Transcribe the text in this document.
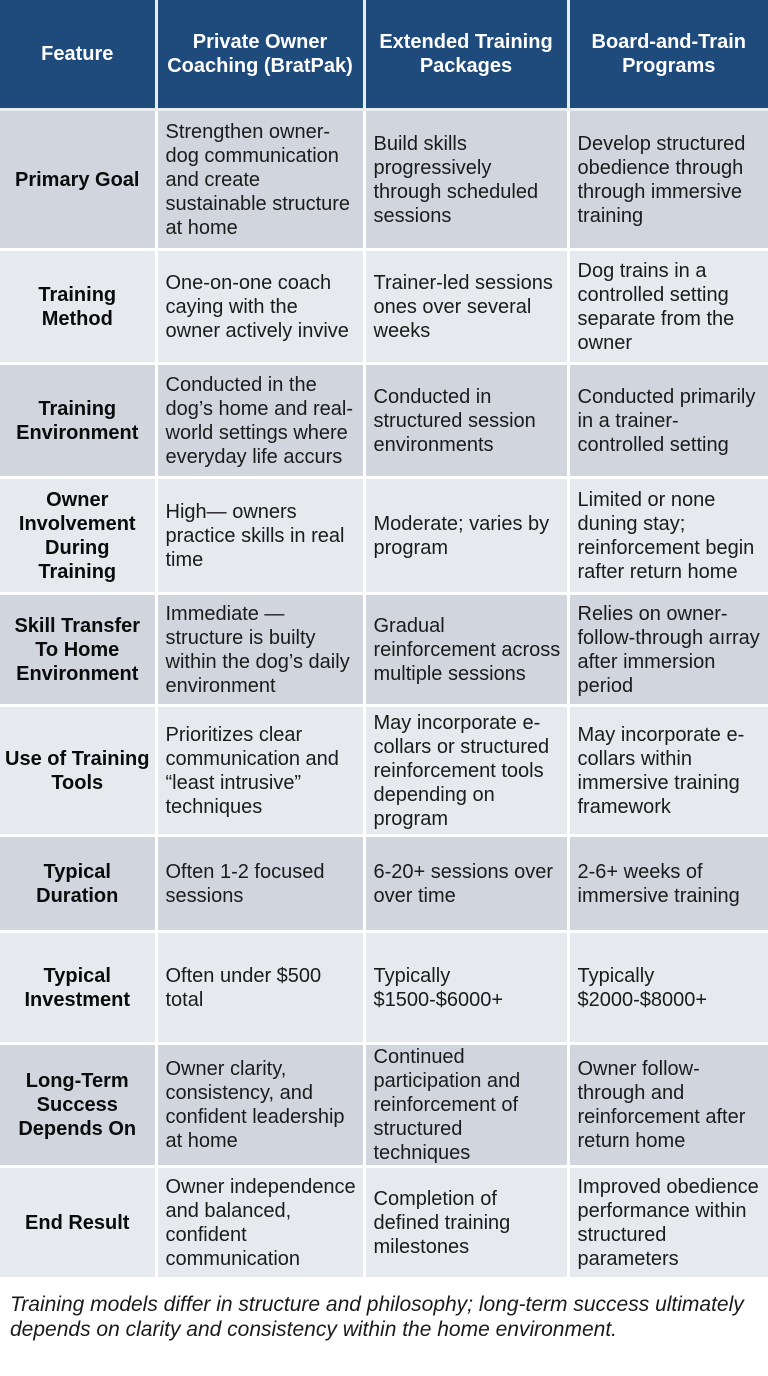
Feature	Private Owner Coaching (BratPak)	Extended Training Packages	Board-and-Train Programs
Primary Goal	Strengthen owner-dog communication and create sustainable structure at home	Build skills progressively through scheduled sessions	Develop structured obedience through through immersive training
Training Method	One-on-one coach caying with the owner actively invive	Trainer-led sessions ones over several weeks	Dog trains in a controlled setting separate from the owner
Training Environment	Conducted in the dog’s home and real-world settings where everyday life accurs	Conducted in structured session environments	Conducted primarily in a trainer-controlled setting
Owner Involvement During Training	High— owners practice skills in real time	Moderate; varies by program	Limited or none duning stay; reinforcement begin rafter return home
Skill Transfer To Home Environment	Immediate — structure is builty within the dog’s daily environment	Gradual reinforcement across multiple sessions	Relies on owner-follow-through aırray after immersion period
Use of Training Tools	Prioritizes clear communication and “least intrusive” techniques	May incorporate e-collars or structured reinforcement tools depending on program	May incorporate e-collars within immersive training framework
Typical Duration	Often 1-2 focused sessions	6-20+ sessions over over time	2-6+ weeks of immersive training
Typical Investment	Often under $500 total	Typically $1500-$6000+	Typically $2000-$8000+
Long-Term Success Depends On	Owner clarity, consistency, and confident leadership at home	Continued participation and reinforcement of structured techniques	Owner follow-through and reinforcement after return home
End Result	Owner independence and balanced, confident communication	Completion of defined training milestones	Improved obedience performance within structured parameters
Training models differ in structure and philosophy; long-term success ultimately depends on clarity and consistency within the home environment.
